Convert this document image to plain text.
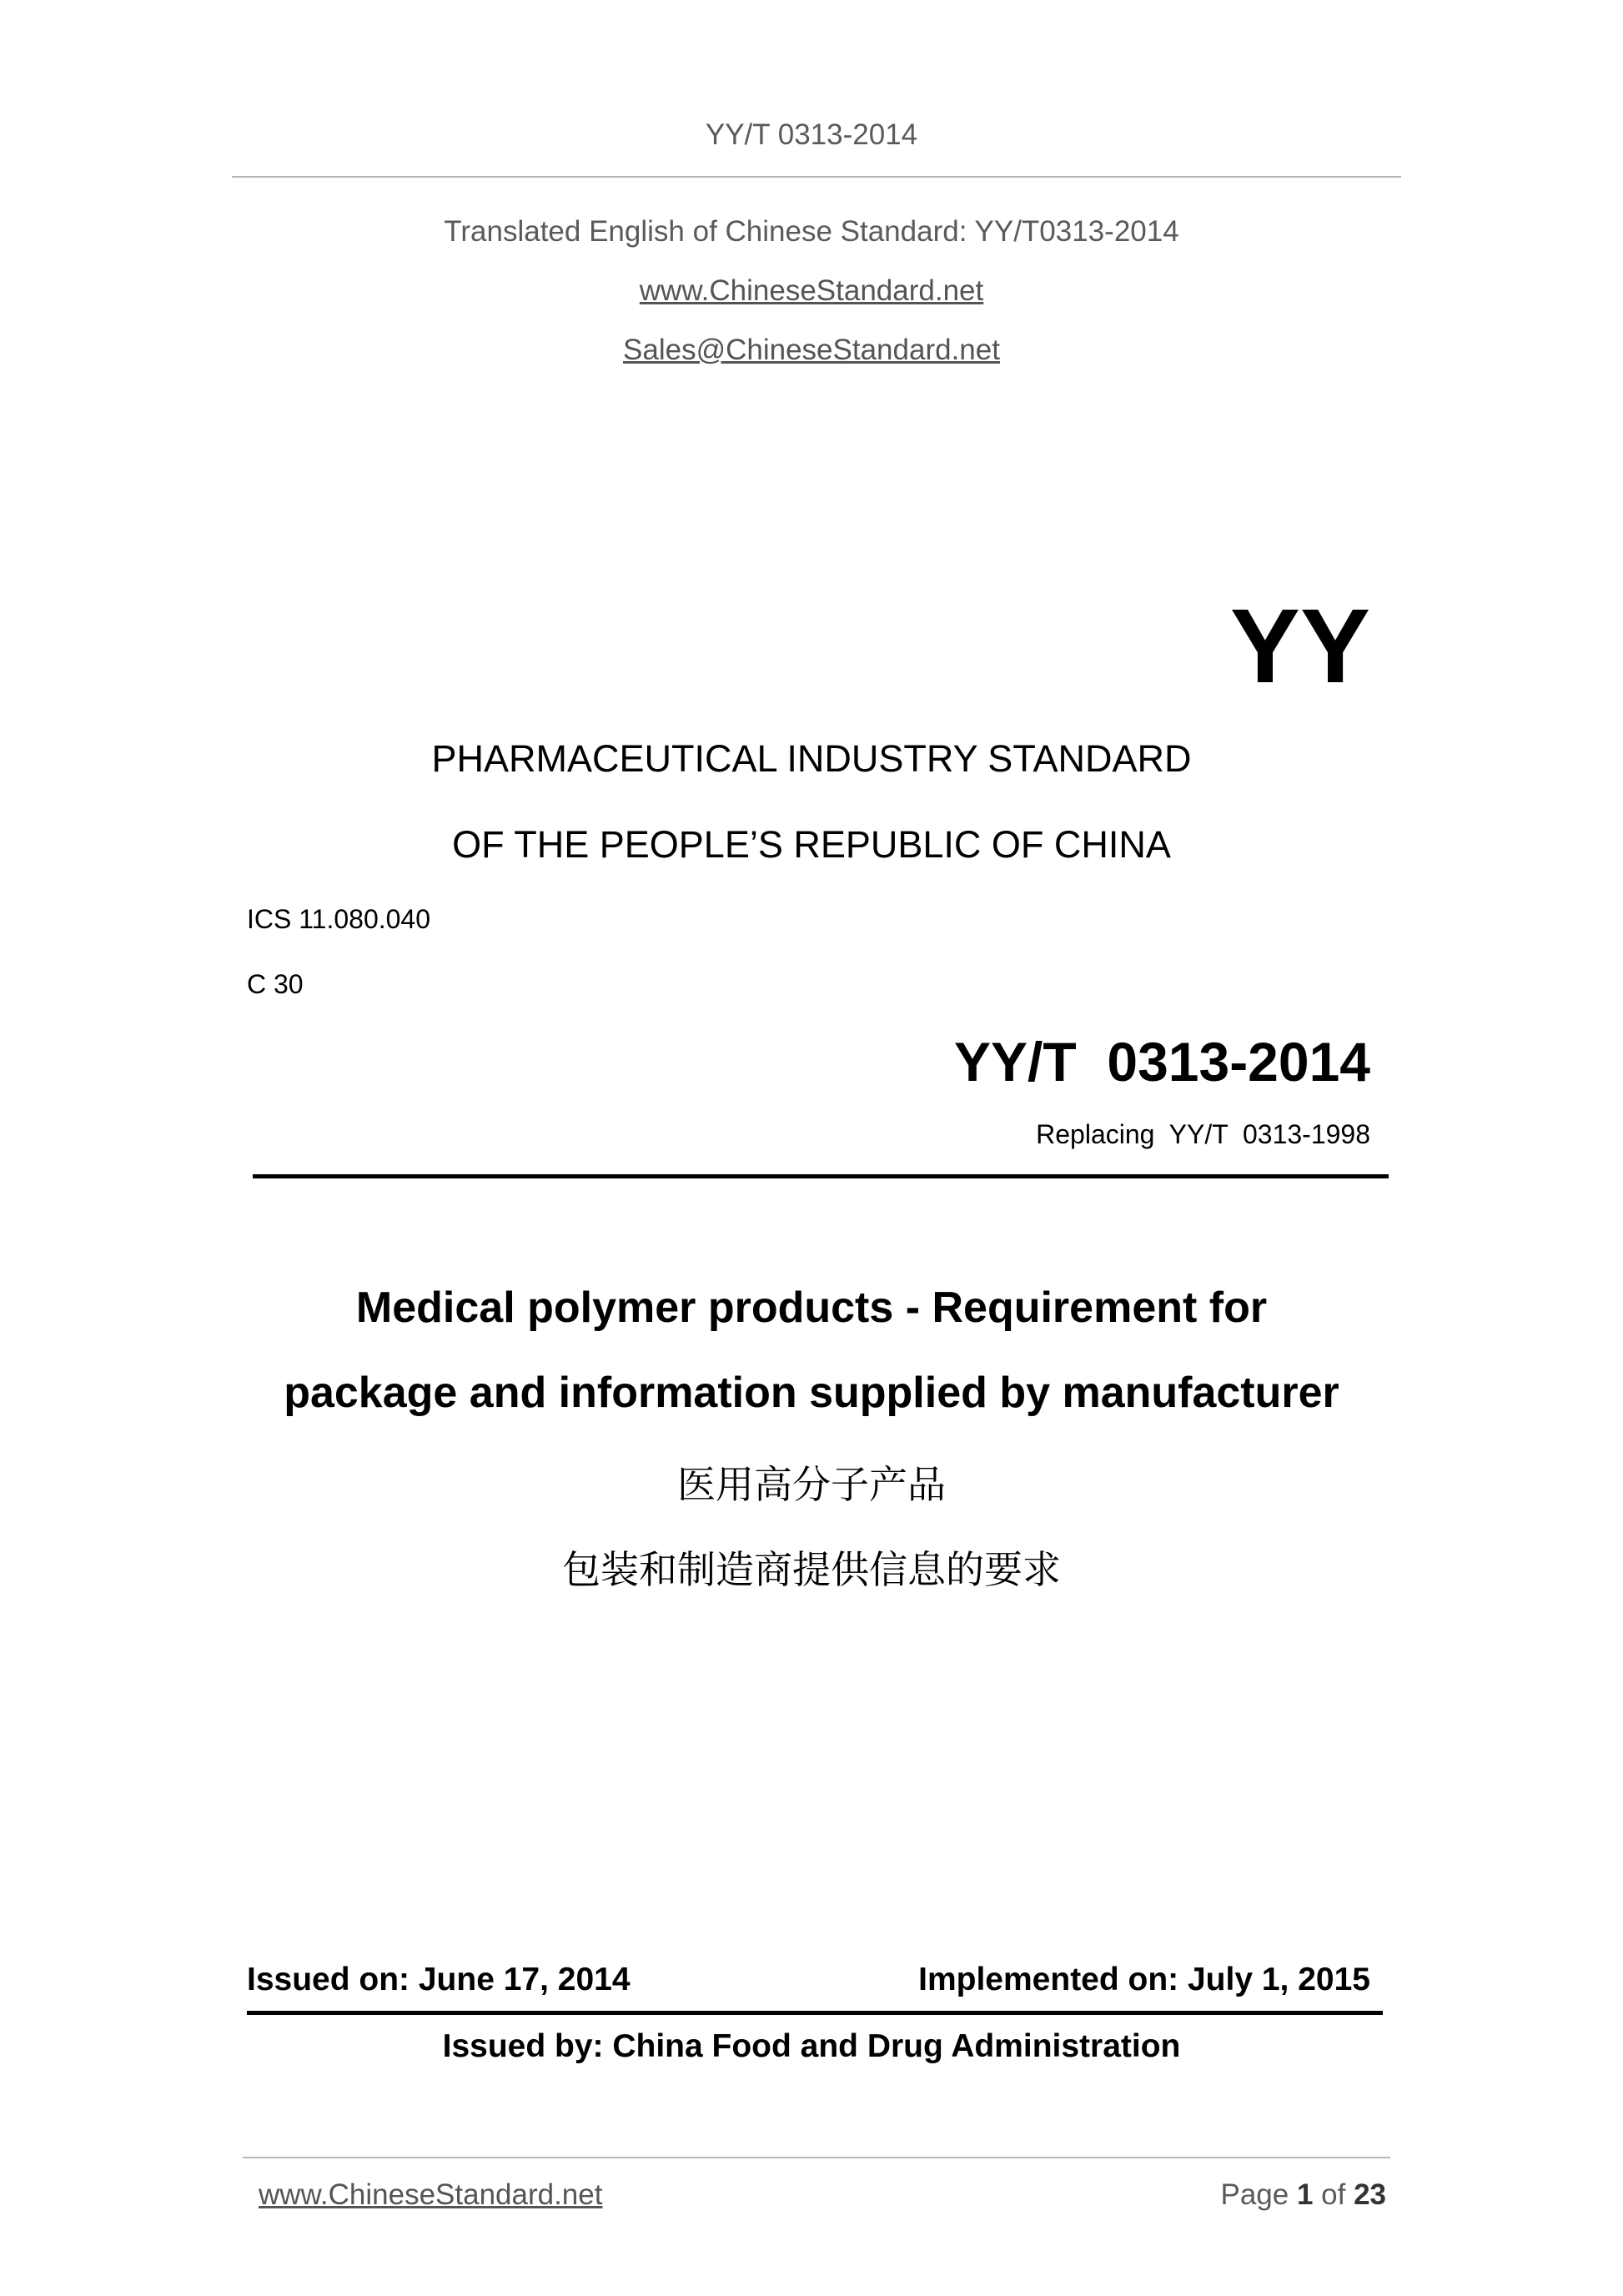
YY/T 0313-2014
Translated English of Chinese Standard: YY/T0313-2014
www.ChineseStandard.net
Sales@ChineseStandard.net
YY
PHARMACEUTICAL INDUSTRY STANDARD
OF THE PEOPLE’S REPUBLIC OF CHINA
ICS 11.080.040
C 30
YY/T  0313-2014
Replacing  YY/T  0313-1998
Medical polymer products - Requirement for
package and information supplied by manufacturer
医用高分子产品
包装和制造商提供信息的要求
Issued on: June 17, 2014	Implemented on: July 1, 2015
Issued by: China Food and Drug Administration
www.ChineseStandard.net	Page 1 of 23
